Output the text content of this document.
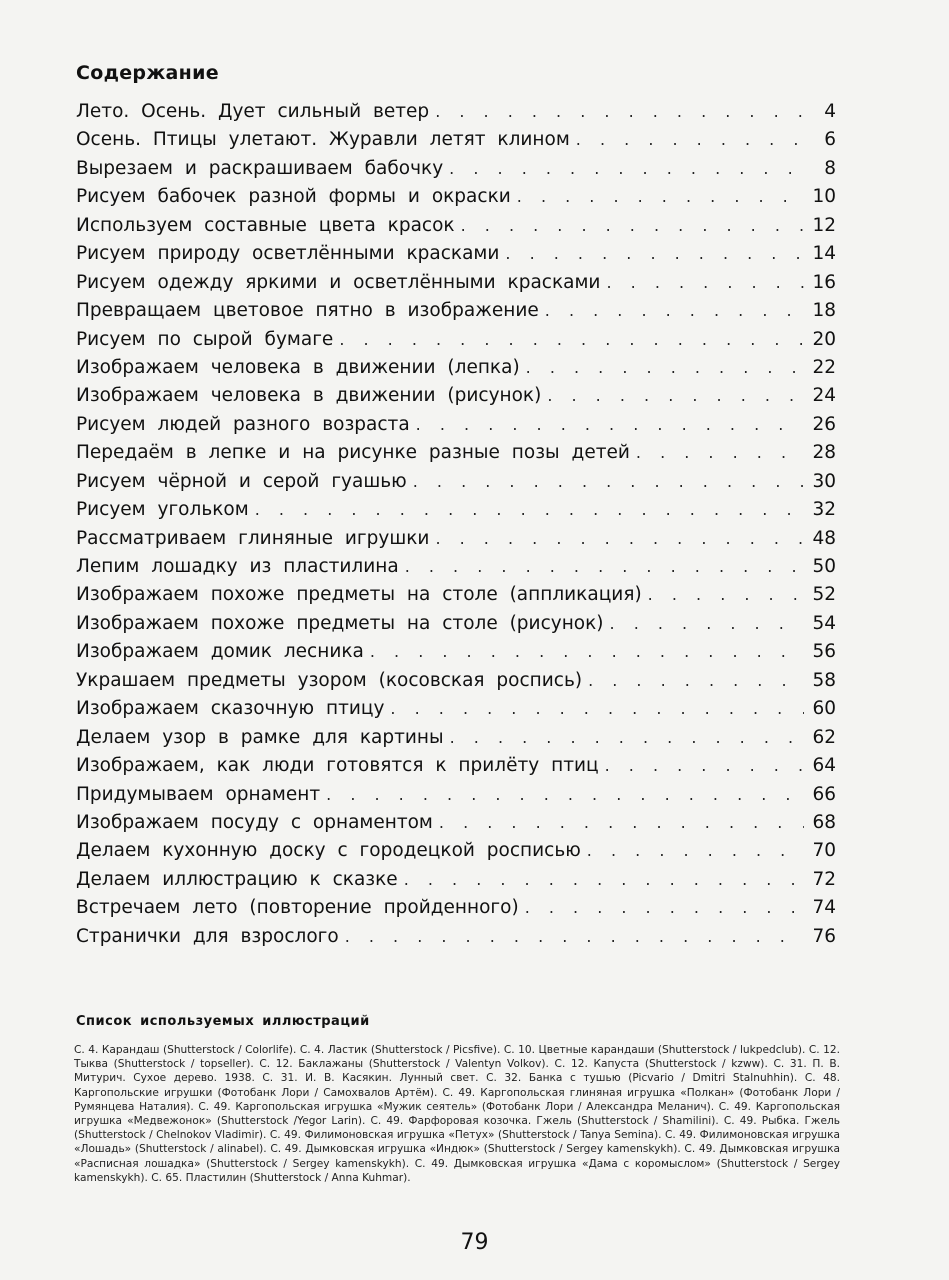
Содержание
Лето. Осень. Дует сильный ветер . . .	4
Осень. Птицы улетают. Журавли летят клином . . .	6
Вырезаем и раскрашиваем бабочку . . .	8
Рисуем бабочек разной формы и окраски . . .	10
Используем составные цвета красок . . .	12
Рисуем природу осветлёнными красками . . .	14
Рисуем одежду яркими и осветлёнными красками . . .	16
Превращаем цветовое пятно в изображение . . .	18
Рисуем по сырой бумаге . . .	20
Изображаем человека в движении (лепка) . . .	22
Изображаем человека в движении (рисунок) . . .	24
Рисуем людей разного возраста . . .	26
Передаём в лепке и на рисунке разные позы детей . . .	28
Рисуем чёрной и серой гуашью . . .	30
Рисуем угольком . . .	32
Рассматриваем глиняные игрушки . . .	48
Лепим лошадку из пластилина . . .	50
Изображаем похоже предметы на столе (аппликация) . . .	52
Изображаем похоже предметы на столе (рисунок) . . .	54
Изображаем домик лесника . . .	56
Украшаем предметы узором (косовская роспись) . . .	58
Изображаем сказочную птицу . . .	60
Делаем узор в рамке для картины . . .	62
Изображаем, как люди готовятся к прилёту птиц . . .	64
Придумываем орнамент . . .	66
Изображаем посуду с орнаментом . . .	68
Делаем кухонную доску с городецкой росписью . . .	70
Делаем иллюстрацию к сказке . . .	72
Встречаем лето (повторение пройденного) . . .	74
Странички для взрослого . . .	76
Список используемых иллюстраций
С. 4. Карандаш (Shutterstock / Colorlife). С. 4. Ластик (Shutterstock / Picsfive). С. 10. Цветные карандаши (Shutterstock / lukpedclub). С. 12. Тыква (Shutterstock / topseller). С. 12. Баклажаны (Shutterstock / Valentyn Volkov). С. 12. Капуста (Shutterstock / kzww). С. 31. П. В. Митурич. Сухое дерево. 1938. С. 31. И. В. Касякин. Лунный свет. С. 32. Банка с тушью (Picvario / Dmitri Stalnuhhin). С. 48. Каргопольские игрушки (Фотобанк Лори / Самохвалов Артём). С. 49. Каргопольская глиняная игрушка «Полкан» (Фотобанк Лори / Румянцева Наталия). С. 49. Каргопольская игрушка «Мужик сеятель» (Фотобанк Лори / Александра Меланич). С. 49. Каргопольская игрушка «Медвежонок» (Shutterstock /Yegor Larin). С. 49. Фарфоровая козочка. Гжель (Shutterstock / Shamilini). С. 49. Рыбка. Гжель (Shutterstock / Chelnokov Vladimir). С. 49. Филимоновская игрушка «Петух» (Shutterstock / Tanya Semina). С. 49. Филимоновская игрушка «Лошадь» (Shutterstock / alinabel). С. 49. Дымковская игрушка «Индюк» (Shutterstock / Sergey kamenskykh). С. 49. Дымковская игрушка «Расписная лошадка» (Shutterstock / Sergey kamenskykh). С. 49. Дымковская игрушка «Дама с коромыслом» (Shutterstock / Sergey kamenskykh). С. 65. Пластилин (Shutterstock / Anna Kuhmar).
79
